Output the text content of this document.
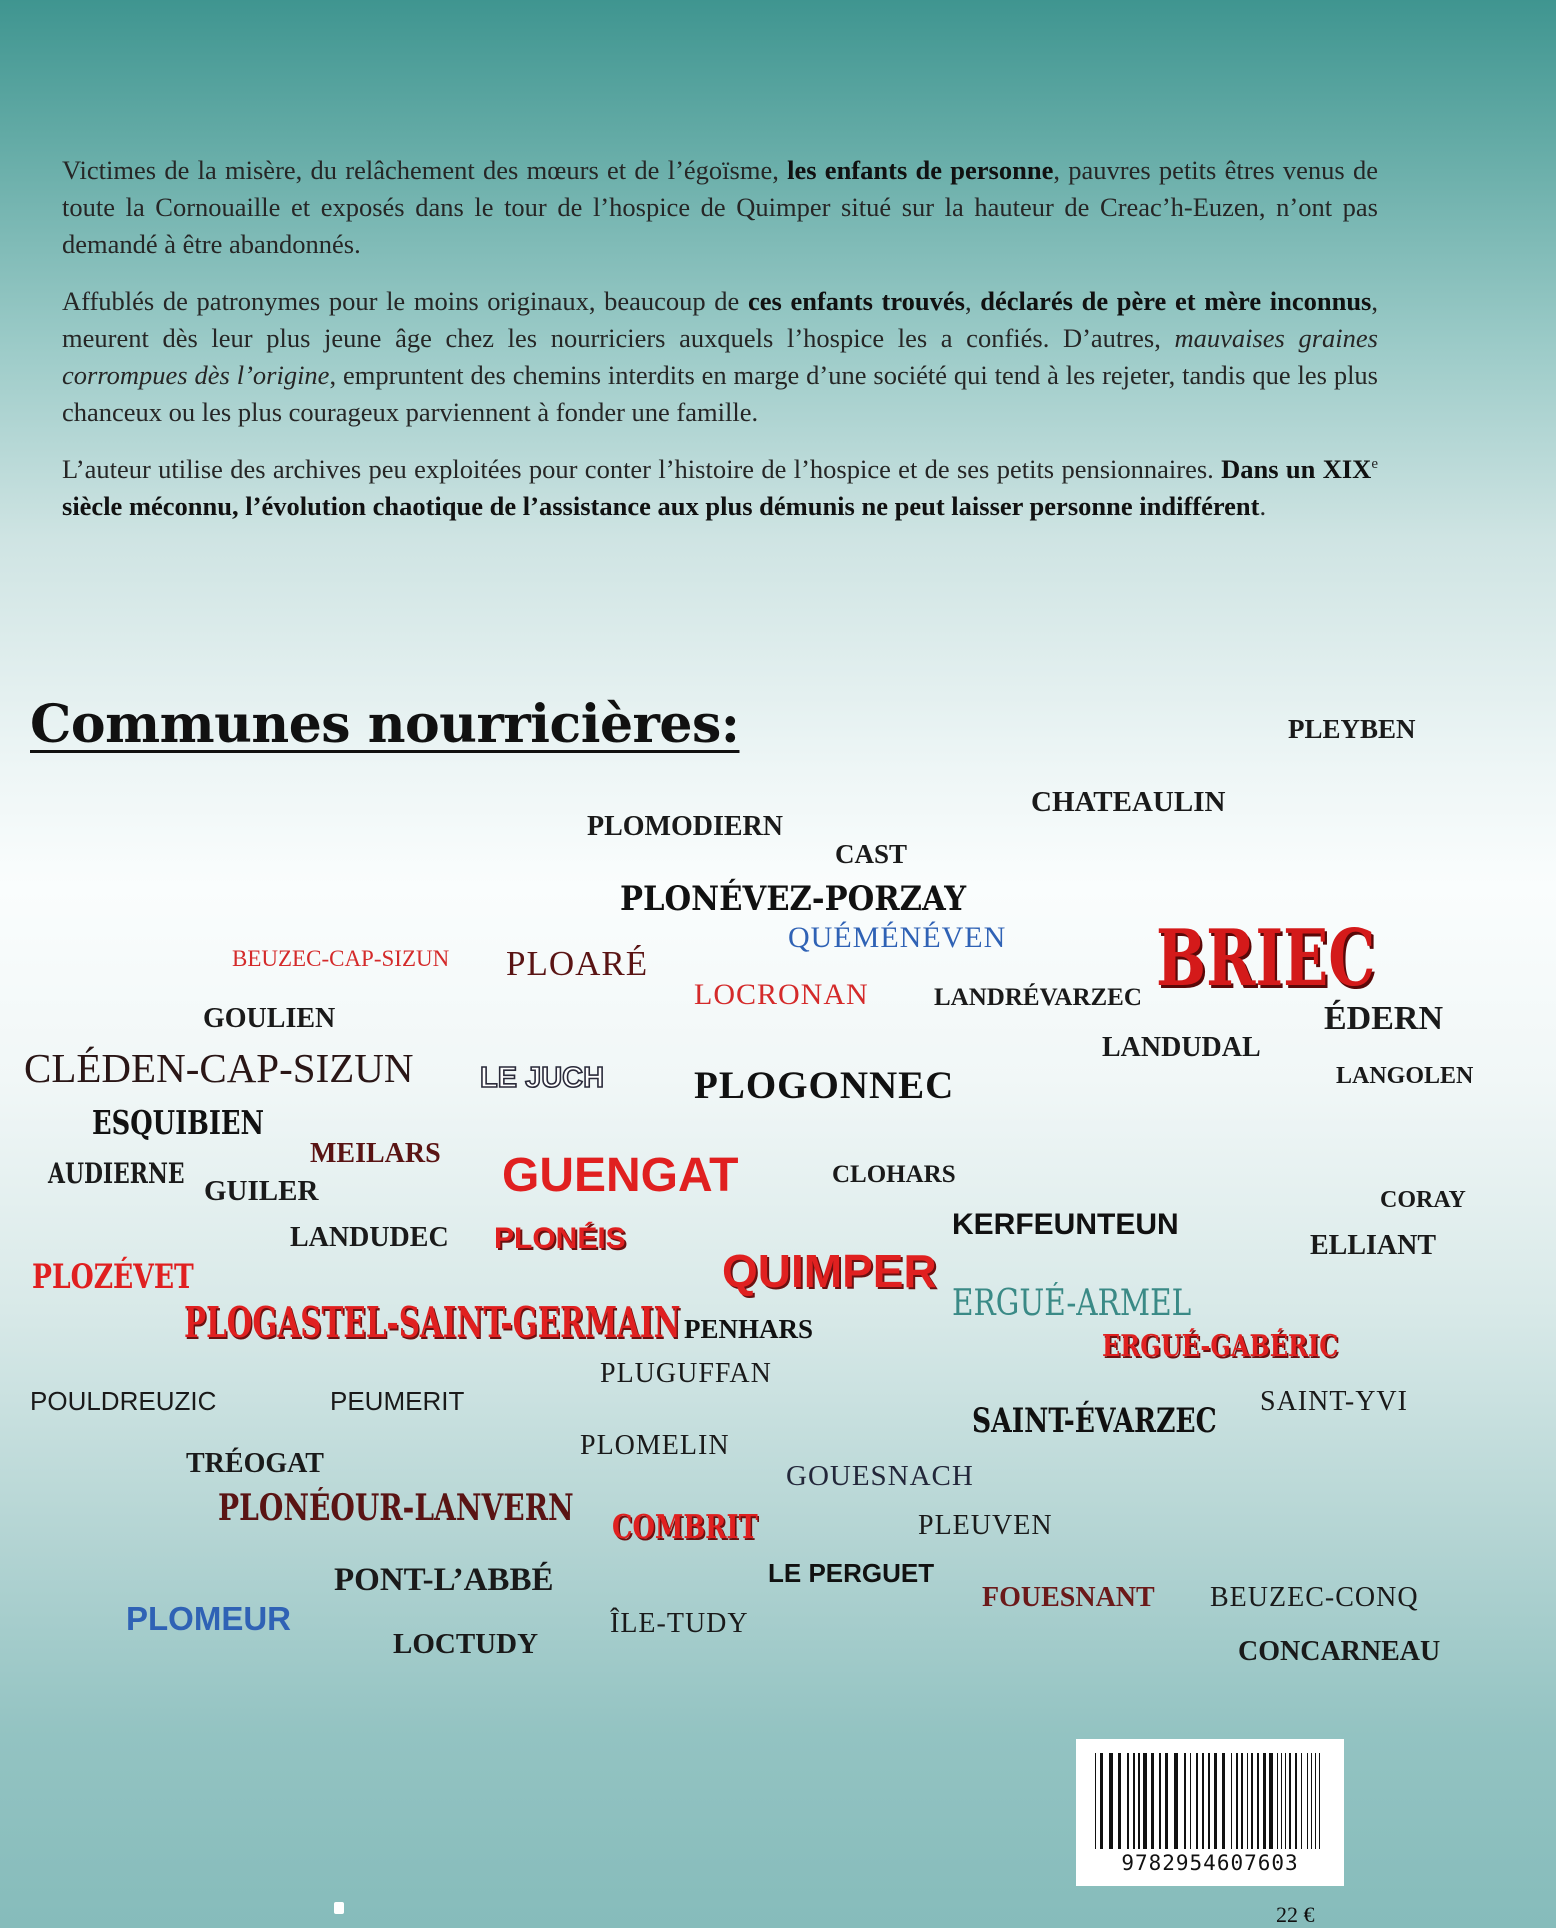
Victimes de la misère, du relâchement des mœurs et de l’égoïsme, les enfants de personne, pauvres petits êtres venus de toute la Cornouaille et exposés dans le tour de l’hospice de Quimper situé sur la hauteur de Creac’h-Euzen, n’ont pas demandé à être abandonnés.

Affublés de patronymes pour le moins originaux, beaucoup de ces enfants trouvés, déclarés de père et mère inconnus, meurent dès leur plus jeune âge chez les nourriciers auxquels l’hospice les a confiés. D’autres, mauvaises graines corrompues dès l’origine, empruntent des chemins interdits en marge d’une société qui tend à les rejeter, tandis que les plus chanceux ou les plus courageux parviennent à fonder une famille.

L’auteur utilise des archives peu exploitées pour conter l’histoire de l’hospice et de ses petits pensionnaires. Dans un XIXe siècle méconnu, l’évolution chaotique de l’assistance aux plus démunis ne peut laisser personne indifférent.

Communes nourricières:	PLEYBEN
CHATEAULIN
PLOMODIERN
CAST
PLONÉVEZ-PORZAY
QUÉMÉNÉVEN BRIEC
BEUZEC-CAP-SIZUN PLOARÉ
LOCRONAN	LANDRÉVARZEC
GOULIEN	ÉDERN
LANDUDAL
CLÉDEN-CAP-SIZUN LE JUCH PLOGONNEC	LANGOLEN
ESQUIBIEN
MEILARS
AUDIERNE
GUILER	GUENGAT	CLOHARS
CORAY
LANDUDEC PLONÉIS	KERFEUNTEUN
ELLIANT
PLOZÉVET	QUIMPER
ERGUÉ-ARMEL
PLOGASTEL-SAINT-GERMAIN PENHARS	ERGUÉ-GABÉRIC
PLUGUFFAN
POULDREUZIC	PEUMERIT	SAINT-ÉVARZEC SAINT-YVI
PLOMELIN
TRÉOGAT	GOUESNACH
PLONÉOUR-LANVERN COMBRIT	PLEUVEN
PONT-L’ABBÉ	LE PERGUET
FOUESNANT BEUZEC-CONQ
PLOMEUR	ÎLE-TUDY
LOCTUDY	CONCARNEAU
9782954607603
22 €
